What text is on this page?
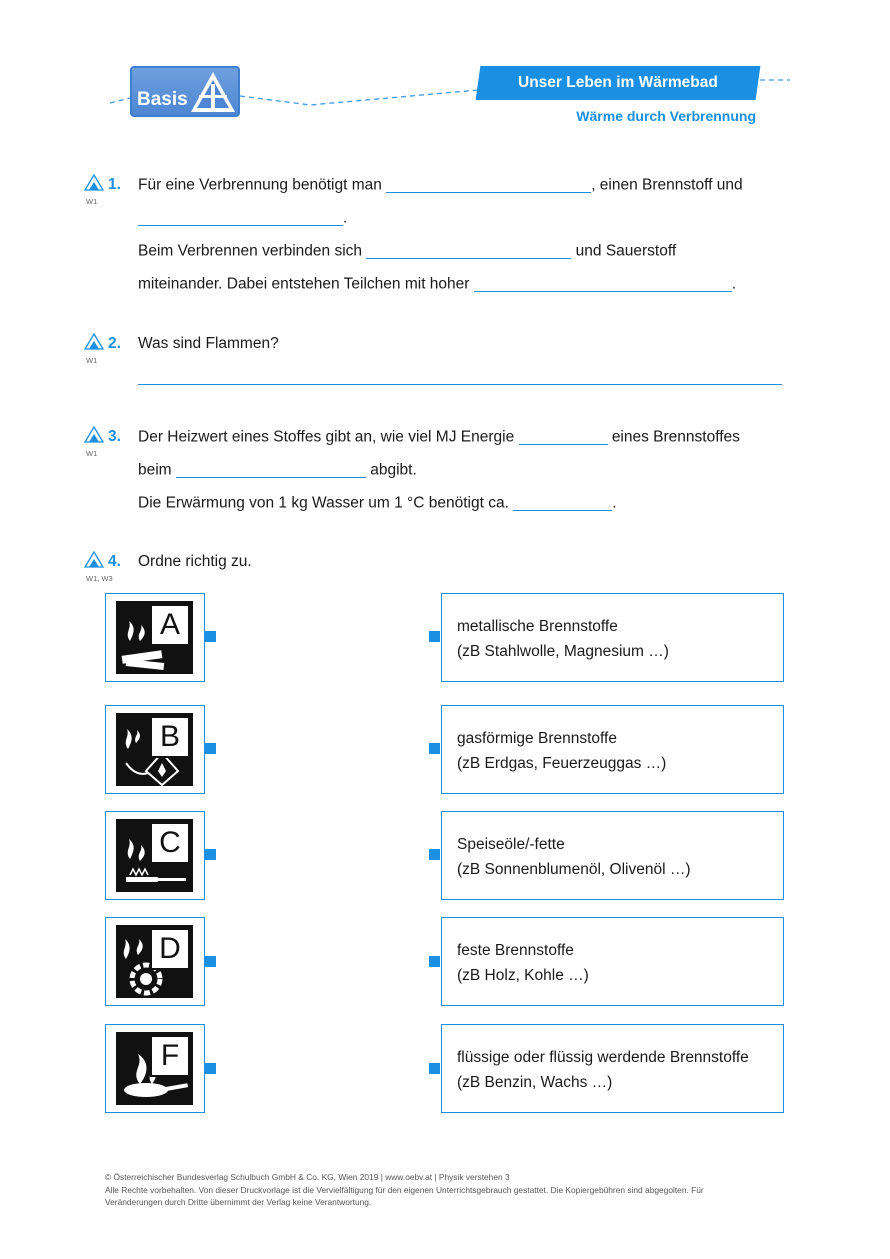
Basis
Unser Leben im Wärmebad
Wärme durch Verbrennung
W1
1. Für eine Verbrennung benötigt man	, einen Brennstoff und
.
Beim Verbrennen verbinden sich	und Sauerstoff
miteinander. Dabei entstehen Teilchen mit hoher	.
W1
2. Was sind Flammen?
W1
3. Der Heizwert eines Stoffes gibt an, wie viel MJ Energie	eines Brennstoffes
beim	abgibt.
Die Erwärmung von 1 kg Wasser um 1 °C benötigt ca.	.
W1, W3
4. Ordne richtig zu.
A	metallische Brennstoffe
(zB Stahlwolle, Magnesium …)
B	gasförmige Brennstoffe
(zB Erdgas, Feuerzeuggas …)
C	Speiseöle/-fette
(zB Sonnenblumenöl, Olivenöl …)
D	feste Brennstoffe
(zB Holz, Kohle …)
F	flüssige oder flüssig werdende Brennstoffe
(zB Benzin, Wachs …)
© Österreichischer Bundesverlag Schulbuch GmbH & Co. KG, Wien 2019 | www.oebv.at | Physik verstehen 3
Alle Rechte vorbehalten. Von dieser Druckvorlage ist die Vervielfältigung für den eigenen Unterrichtsgebrauch gestattet. Die Kopiergebühren sind abgegolten. Für
Veränderungen durch Dritte übernimmt der Verlag keine Verantwortung.
